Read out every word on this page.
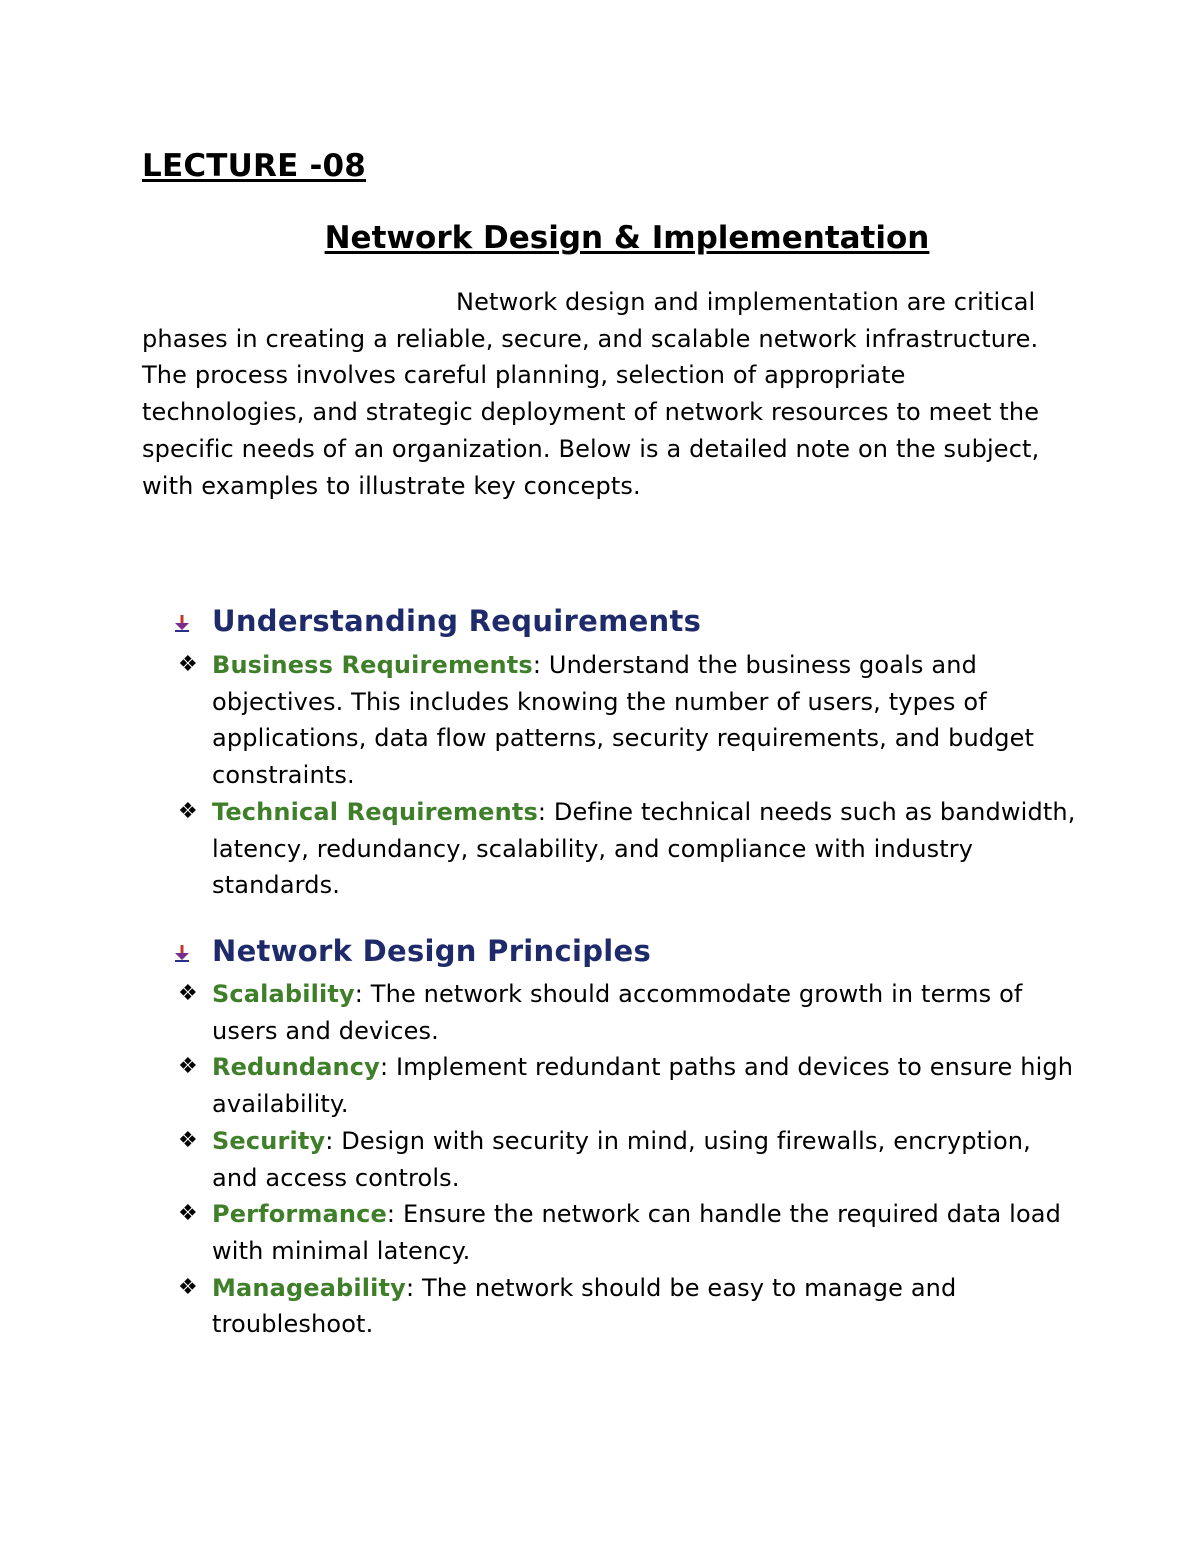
LECTURE -08
Network Design & Implementation

Network design and implementation are critical phases in creating a reliable, secure, and scalable network infrastructure. The process involves careful planning, selection of appropriate technologies, and strategic deployment of network resources to meet the specific needs of an organization. Below is a detailed note on the subject, with examples to illustrate key concepts.

Understanding Requirements
❖ Business Requirements: Understand the business goals and objectives. This includes knowing the number of users, types of applications, data flow patterns, security requirements, and budget constraints.
❖ Technical Requirements: Define technical needs such as bandwidth, latency, redundancy, scalability, and compliance with industry standards.
Network Design Principles
❖ Scalability: The network should accommodate growth in terms of users and devices.
❖ Redundancy: Implement redundant paths and devices to ensure high availability.
❖ Security: Design with security in mind, using firewalls, encryption, and access controls.
❖ Performance: Ensure the network can handle the required data load with minimal latency.
❖ Manageability: The network should be easy to manage and troubleshoot.
